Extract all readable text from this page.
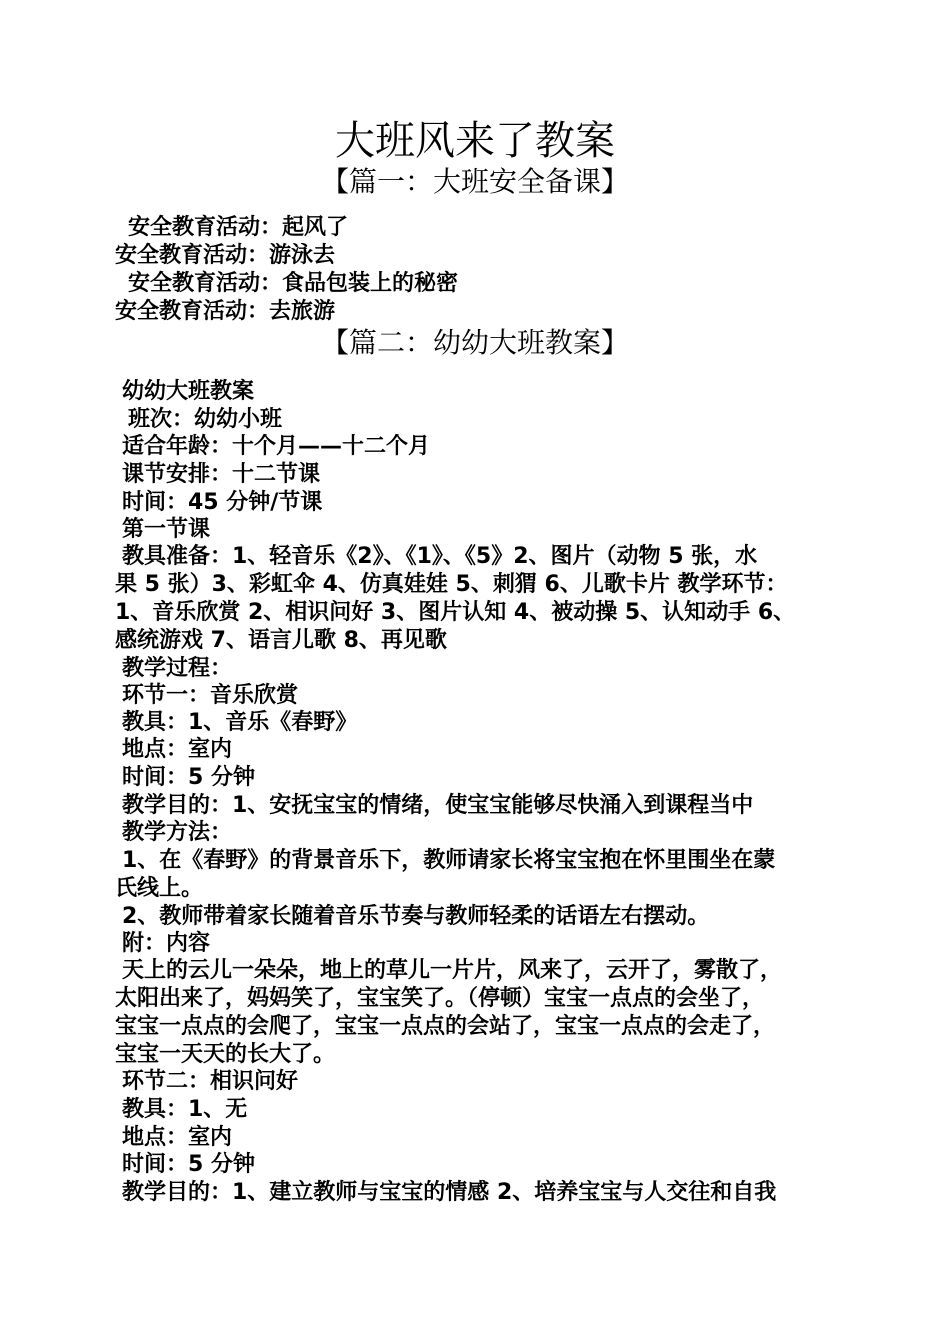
大班风来了教案
【篇一：大班安全备课】

安全教育活动：起风了

安全教育活动：游泳去

安全教育活动：食品包装上的秘密

安全教育活动：去旅游

【篇二：幼幼大班教案】

幼幼大班教案

班次：幼幼小班

适合年龄：十个月——十二个月

课节安排：十二节课

时间：45 分钟/节课

第一节课

教具准备：1、轻音乐《2》、《1》、《5》2、图片（动物 5 张，水

果 5 张）3、彩虹伞 4、仿真娃娃 5、刺猬 6、儿歌卡片 教学环节：

1、音乐欣赏 2、相识问好 3、图片认知 4、被动操 5、认知动手 6、

感统游戏 7、语言儿歌 8、再见歌

教学过程：

环节一：音乐欣赏

教具：1、音乐《春野》

地点：室内

时间：5 分钟

教学目的：1、安抚宝宝的情绪，使宝宝能够尽快涌入到课程当中

教学方法：

1、在《春野》的背景音乐下，教师请家长将宝宝抱在怀里围坐在蒙

氏线上。

2、教师带着家长随着音乐节奏与教师轻柔的话语左右摆动。

附：内容

天上的云儿一朵朵，地上的草儿一片片，风来了，云开了，雾散了，

太阳出来了，妈妈笑了，宝宝笑了。（停顿）宝宝一点点的会坐了，

宝宝一点点的会爬了，宝宝一点点的会站了，宝宝一点点的会走了，

宝宝一天天的长大了。

环节二：相识问好

教具：1、无

地点：室内

时间：5 分钟

教学目的：1、建立教师与宝宝的情感 2、培养宝宝与人交往和自我
